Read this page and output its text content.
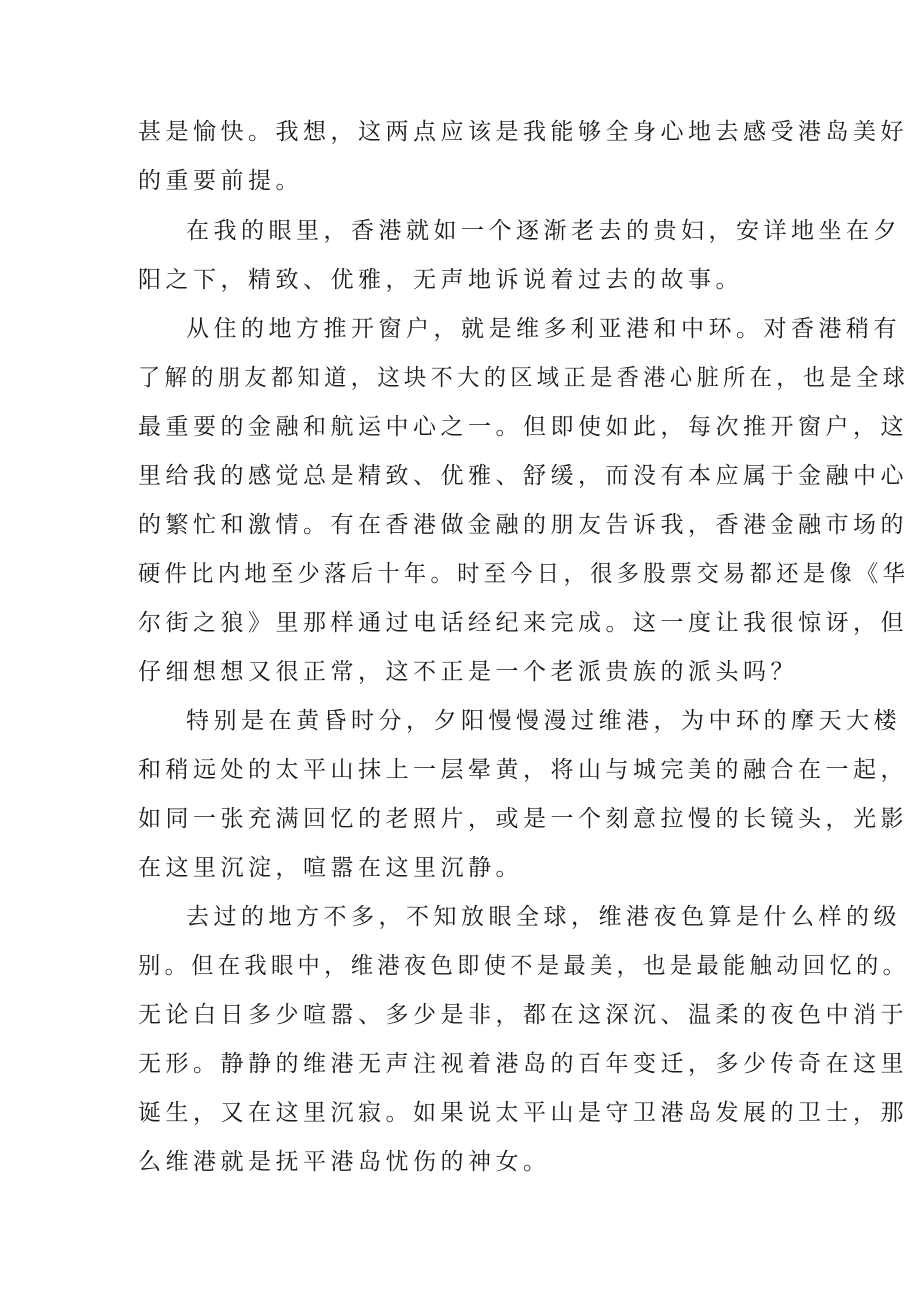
甚是愉快。我想，这两点应该是我能够全身心地去感受港岛美好
的重要前提。
在我的眼里，香港就如一个逐渐老去的贵妇，安详地坐在夕
阳之下，精致、优雅，无声地诉说着过去的故事。
从住的地方推开窗户，就是维多利亚港和中环。对香港稍有
了解的朋友都知道，这块不大的区域正是香港心脏所在，也是全球
最重要的金融和航运中心之一。但即使如此，每次推开窗户，这
里给我的感觉总是精致、优雅、舒缓，而没有本应属于金融中心
的繁忙和激情。有在香港做金融的朋友告诉我，香港金融市场的
硬件比内地至少落后十年。时至今日，很多股票交易都还是像《华
尔街之狼》里那样通过电话经纪来完成。这一度让我很惊讶，但
仔细想想又很正常，这不正是一个老派贵族的派头吗？
特别是在黄昏时分，夕阳慢慢漫过维港，为中环的摩天大楼
和稍远处的太平山抹上一层晕黄，将山与城完美的融合在一起，
如同一张充满回忆的老照片，或是一个刻意拉慢的长镜头，光影
在这里沉淀，喧嚣在这里沉静。
去过的地方不多，不知放眼全球，维港夜色算是什么样的级
别。但在我眼中，维港夜色即使不是最美，也是最能触动回忆的。
无论白日多少喧嚣、多少是非，都在这深沉、温柔的夜色中消于
无形。静静的维港无声注视着港岛的百年变迁，多少传奇在这里
诞生，又在这里沉寂。如果说太平山是守卫港岛发展的卫士，那
么维港就是抚平港岛忧伤的神女。
